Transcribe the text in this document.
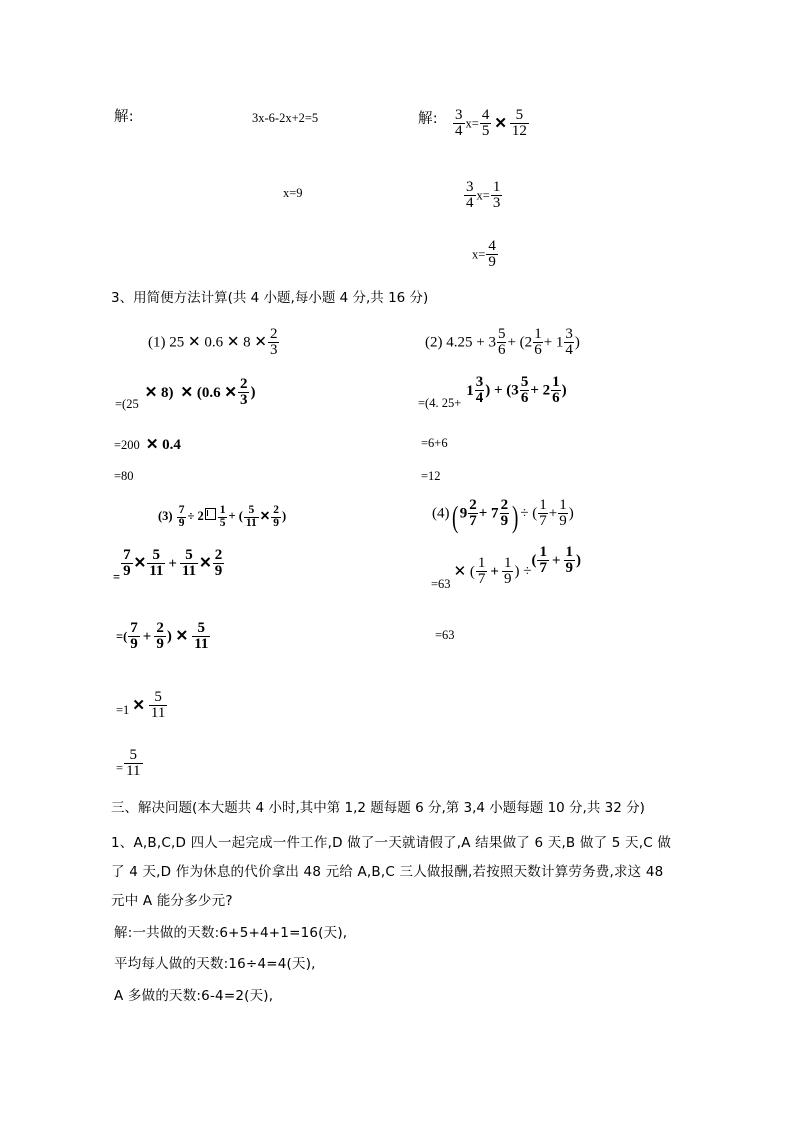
解:	3x-6-2x+2=5
x=9
解: $\frac{3}{4} x= \frac{4}{5}$ ✕ $\frac{5}{12}$
$\frac{3}{4} x= \frac{1}{3}$
$x= \frac{4}{9}$
3、用简便方法计算(共 4 小题,每小题 4 分,共 16 分)
(1) 25 ✕ 0.6 ✕ 8 ✕ $\frac{2}{3}$
$_{=(25}$✕ 8) ✕ (0.6 ✕ $\frac{2}{3}$ )
=200 ✕ 0.4
=80
(2) $4.25 + 3 \frac{5}{6} + (2 \frac{1}{6} + 1 \frac{3}{4}$ )
$_{=(4. 25+}1 \frac{3}{4}$ ) + ($3 \frac{5}{6} + 2 \frac{1}{6}$ )
=6+6
=12
$(3) \frac{7}{9} \div 2 \frac{1}{5}$ + ( $\frac{5}{11}$ ✕ $\frac{2}{9}$ )
$_= \frac{7}{9}$ ✕ $\frac{5}{11} + \frac{5}{11}$ ✕ $\frac{2}{9}$
=( $\frac{7}{9} + \frac{2}{9}$ ) ✕ $\frac{5}{11}$
$_{=1}$ ✕ $\frac{5}{11}$
$_= \frac{5}{11}$
(4)( $9 \frac{2}{7} + 7 \frac{2}{9}$ ) ÷ ( $\frac{1}{7} + \frac{1}{9}$ )
$_{=63}$✕ ( $\frac{1}{7} + \frac{1}{9}$ ) ÷( $\frac{1}{7} + \frac{1}{9}$ )
=63
三、解决问题(本大题共 4 小时,其中第 1,2 题每题 6 分,第 3,4 小题每题 10 分,共 32 分)
1、A,B,C,D 四人一起完成一件工作,D 做了一天就请假了,A 结果做了 6 天,B 做了 5 天,C 做
了 4 天,D 作为休息的代价拿出 48 元给 A,B,C 三人做报酬,若按照天数计算劳务费,求这 48
元中 A 能分多少元?
解:一共做的天数:6+5+4+1=16(天),
平均每人做的天数:16÷4=4(天),
A 多做的天数:6-4=2(天),
